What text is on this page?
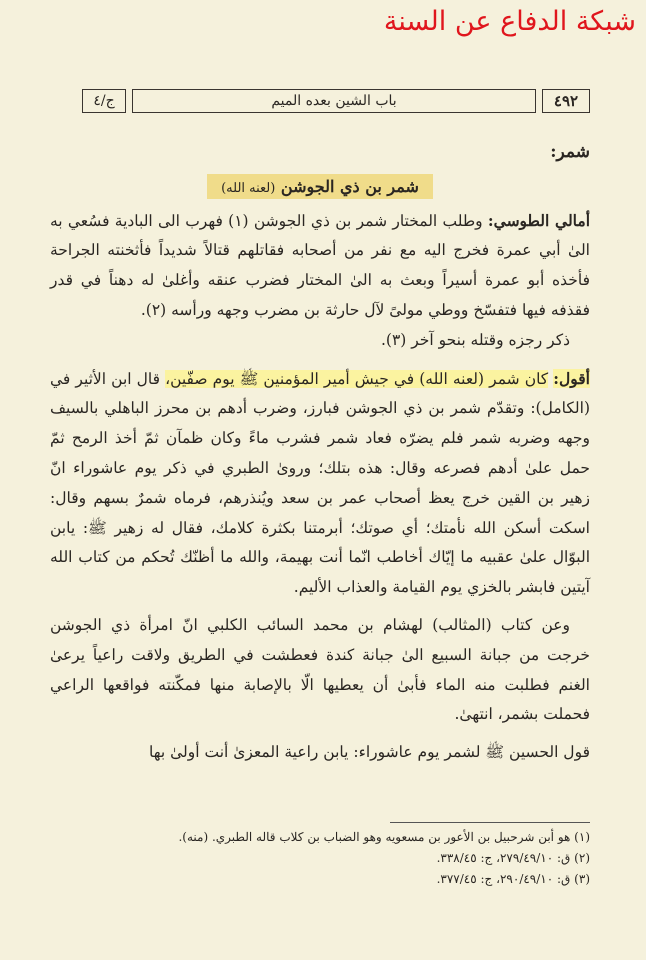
شبكة الدفاع عن السنة
٤٩٢
باب الشين بعده الميم
ج/٤
شمر:
شمر بن ذي الجوشن (لعنه الله)

أمالي الطوسي: وطلب المختار شمر بن ذي الجوشن (١) فهرب الى البادية فسُعي به الىٰ أبي عمرة فخرج اليه مع نفر من أصحابه فقاتلهم قتالاً شديداً فأثخنته الجراحة فأخذه أبو عمرة أسيراً وبعث به الىٰ المختار فضرب عنقه وأغلىٰ له دهناً في قدر فقذفه فيها فتفسّخ ووطي مولىً لآل حارثة بن مضرب وجهه ورأسه (٢).

ذكر رجزه وقتله بنحو آخر (٣).

أقول: كان شمر (لعنه الله) في جيش أمير المؤمنين ﷺ يوم صفّين، قال ابن الأثير في (الكامل): وتقدّم شمر بن ذي الجوشن فبارز، وضرب أدهم بن محرز الباهلي بالسيف وجهه وضربه شمر فلم يضرّه فعاد شمر فشرب ماءً وكان ظمآن ثمّ أخذ الرمح ثمّ حمل علىٰ أدهم فصرعه وقال: هذه بتلك؛ وروىٰ الطبري في ذكر يوم عاشوراء انّ زهير بن القين خرج يعظ أصحاب عمر بن سعد ويُنذرهم، فرماه شمرٌ بسهم وقال: اسكت أسكن الله نأمتك؛ أي صوتك؛ أبرمتنا بكثرة كلامك، فقال له زهير ﷺ: يابن البوّال علىٰ عقبيه ما إيّاك أخاطب انّما أنت بهيمة، والله ما أظنّك تُحكم من كتاب الله آيتين فابشر بالخزي يوم القيامة والعذاب الأليم.

وعن كتاب (المثالب) لهشام بن محمد السائب الكلبي انّ امرأة ذي الجوشن خرجت من جبانة السبيع الىٰ جبانة كندة فعطشت في الطريق ولاقت راعياً يرعىٰ الغنم فطلبت منه الماء فأبىٰ أن يعطيها الّا بالإصابة منها فمكّنته فواقعها الراعي فحملت بشمر، انتهىٰ.

قول الحسين ﷺ لشمر يوم عاشوراء: يابن راعية المعزىٰ أنت أولىٰ بها

(١) هو أبن شرحبيل بن الأعور بن مسعويه وهو الضباب بن كلاب قاله الطبري. (منه).
(٢) ق: ٢٧٩/٤٩/١٠، ج: ٣٣٨/٤٥.
(٣) ق: ٢٩٠/٤٩/١٠، ج: ٣٧٧/٤٥.
